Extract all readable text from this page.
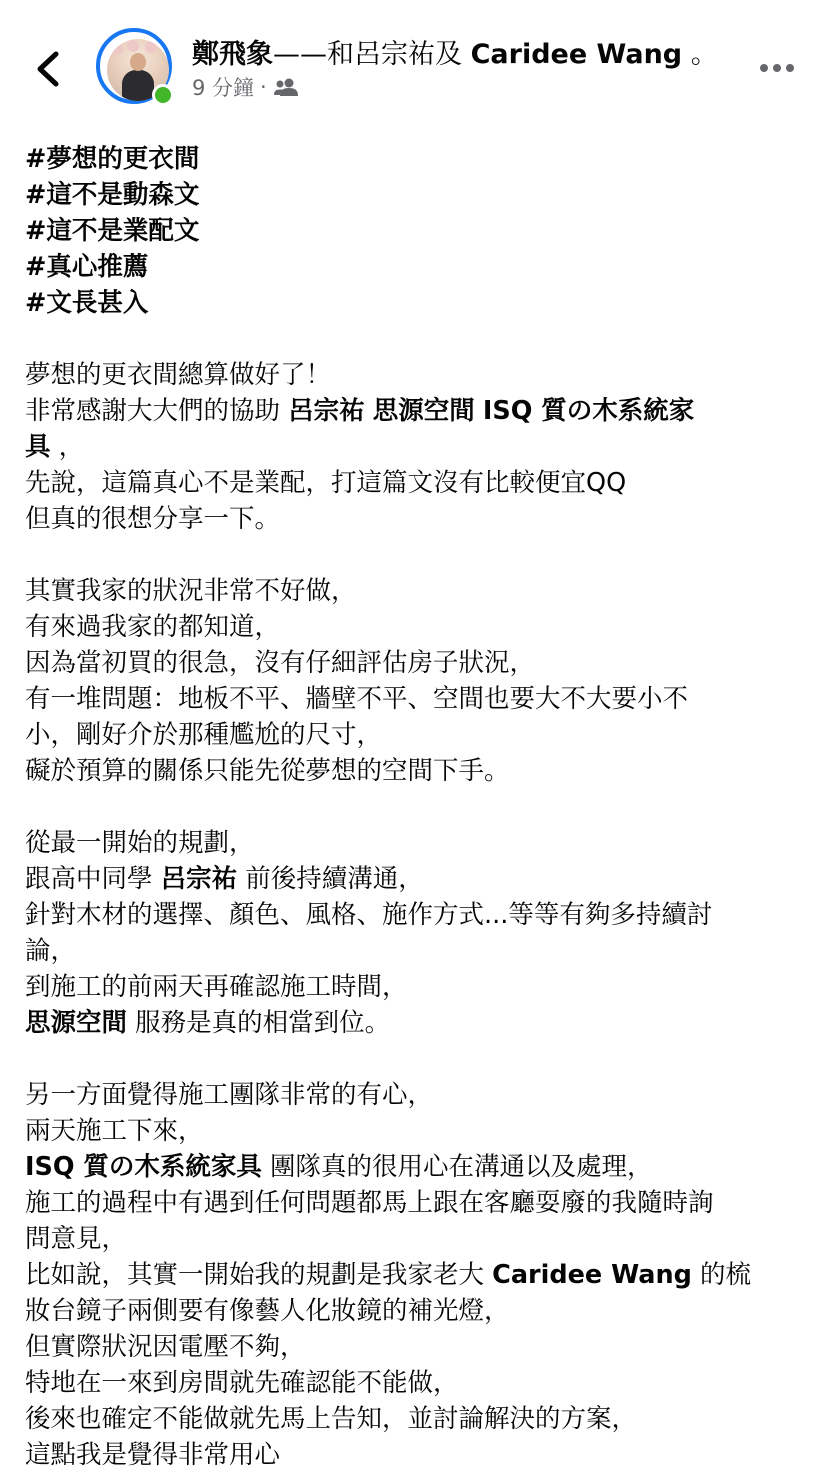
鄭飛象——和呂宗祐及 Caridee Wang 。
9 分鐘 ·
#夢想的更衣間
#這不是動森文
#這不是業配文
#真心推薦
#文長甚入
夢想的更衣間總算做好了！
非常感謝大大們的協助 呂宗祐 思源空間 ISQ 質の木系統家
具 ，
先說，這篇真心不是業配，打這篇文沒有比較便宜QQ
但真的很想分享一下。
其實我家的狀況非常不好做，
有來過我家的都知道，
因為當初買的很急，沒有仔細評估房子狀況，
有一堆問題：地板不平、牆壁不平、空間也要大不大要小不
小，剛好介於那種尷尬的尺寸，
礙於預算的關係只能先從夢想的空間下手。
從最一開始的規劃，
跟高中同學 呂宗祐 前後持續溝通，
針對木材的選擇、顏色、風格、施作方式...等等有夠多持續討
論，
到施工的前兩天再確認施工時間，
思源空間 服務是真的相當到位。
另一方面覺得施工團隊非常的有心，
兩天施工下來，
ISQ 質の木系統家具 團隊真的很用心在溝通以及處理，
施工的過程中有遇到任何問題都馬上跟在客廳耍廢的我隨時詢
問意見，
比如說，其實一開始我的規劃是我家老大 Caridee Wang 的梳
妝台鏡子兩側要有像藝人化妝鏡的補光燈，
但實際狀況因電壓不夠，
特地在一來到房間就先確認能不能做，
後來也確定不能做就先馬上告知，並討論解決的方案，
這點我是覺得非常用心
